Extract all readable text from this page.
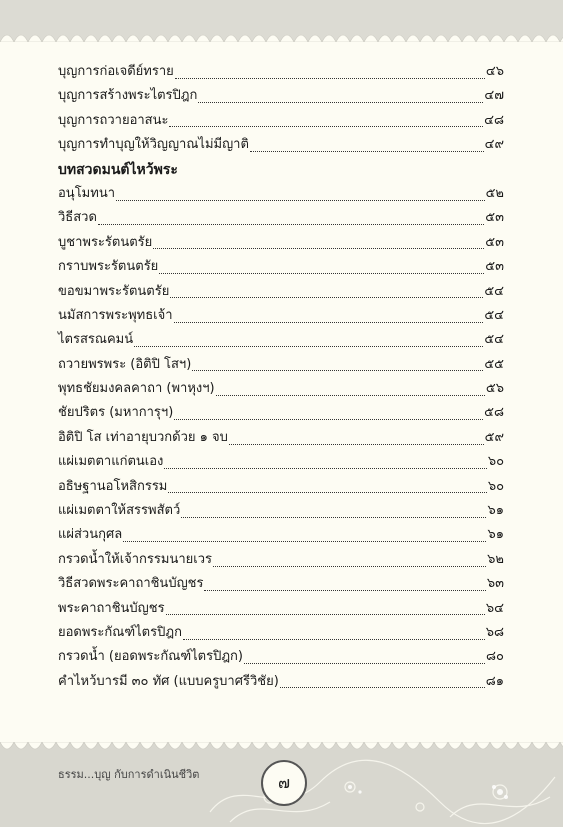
บุญการก่อเจดีย์ทราย	๔๖
บุญการสร้างพระไตรปิฎก	๔๗
บุญการถวายอาสนะ	๔๘
บุญการทำบุญให้วิญญาณไม่มีญาติ	๔๙
บทสวดมนต์ไหว้พระ
อนุโมทนา	๕๒
วิธีสวด	๕๓
บูชาพระรัตนตรัย	๕๓
กราบพระรัตนตรัย	๕๓
ขอขมาพระรัตนตรัย	๕๔
นมัสการพระพุทธเจ้า	๕๔
ไตรสรณคมน์	๕๔
ถวายพรพระ (อิติปิ โสฯ)	๕๕
พุทธชัยมงคลคาถา (พาหุงฯ)	๕๖
ชัยปริตร (มหาการุฯ)	๕๘
อิติปิ โส เท่าอายุบวกด้วย ๑ จบ	๕๙
แผ่เมตตาแก่ตนเอง	๖๐
อธิษฐานอโหสิกรรม	๖๐
แผ่เมตตาให้สรรพสัตว์	๖๑
แผ่ส่วนกุศล	๖๑
กรวดน้ำให้เจ้ากรรมนายเวร	๖๒
วิธีสวดพระคาถาชินบัญชร	๖๓
พระคาถาชินบัญชร	๖๔
ยอดพระกัณฑ์ไตรปิฎก	๖๘
กรวดน้ำ (ยอดพระกัณฑ์ไตรปิฎก)	๘๐
คำไหว้บารมี ๓๐ ทัศ (แบบครูบาศรีวิชัย)	๘๑
ธรรม...บุญ กับการดำเนินชีวิต	๗
